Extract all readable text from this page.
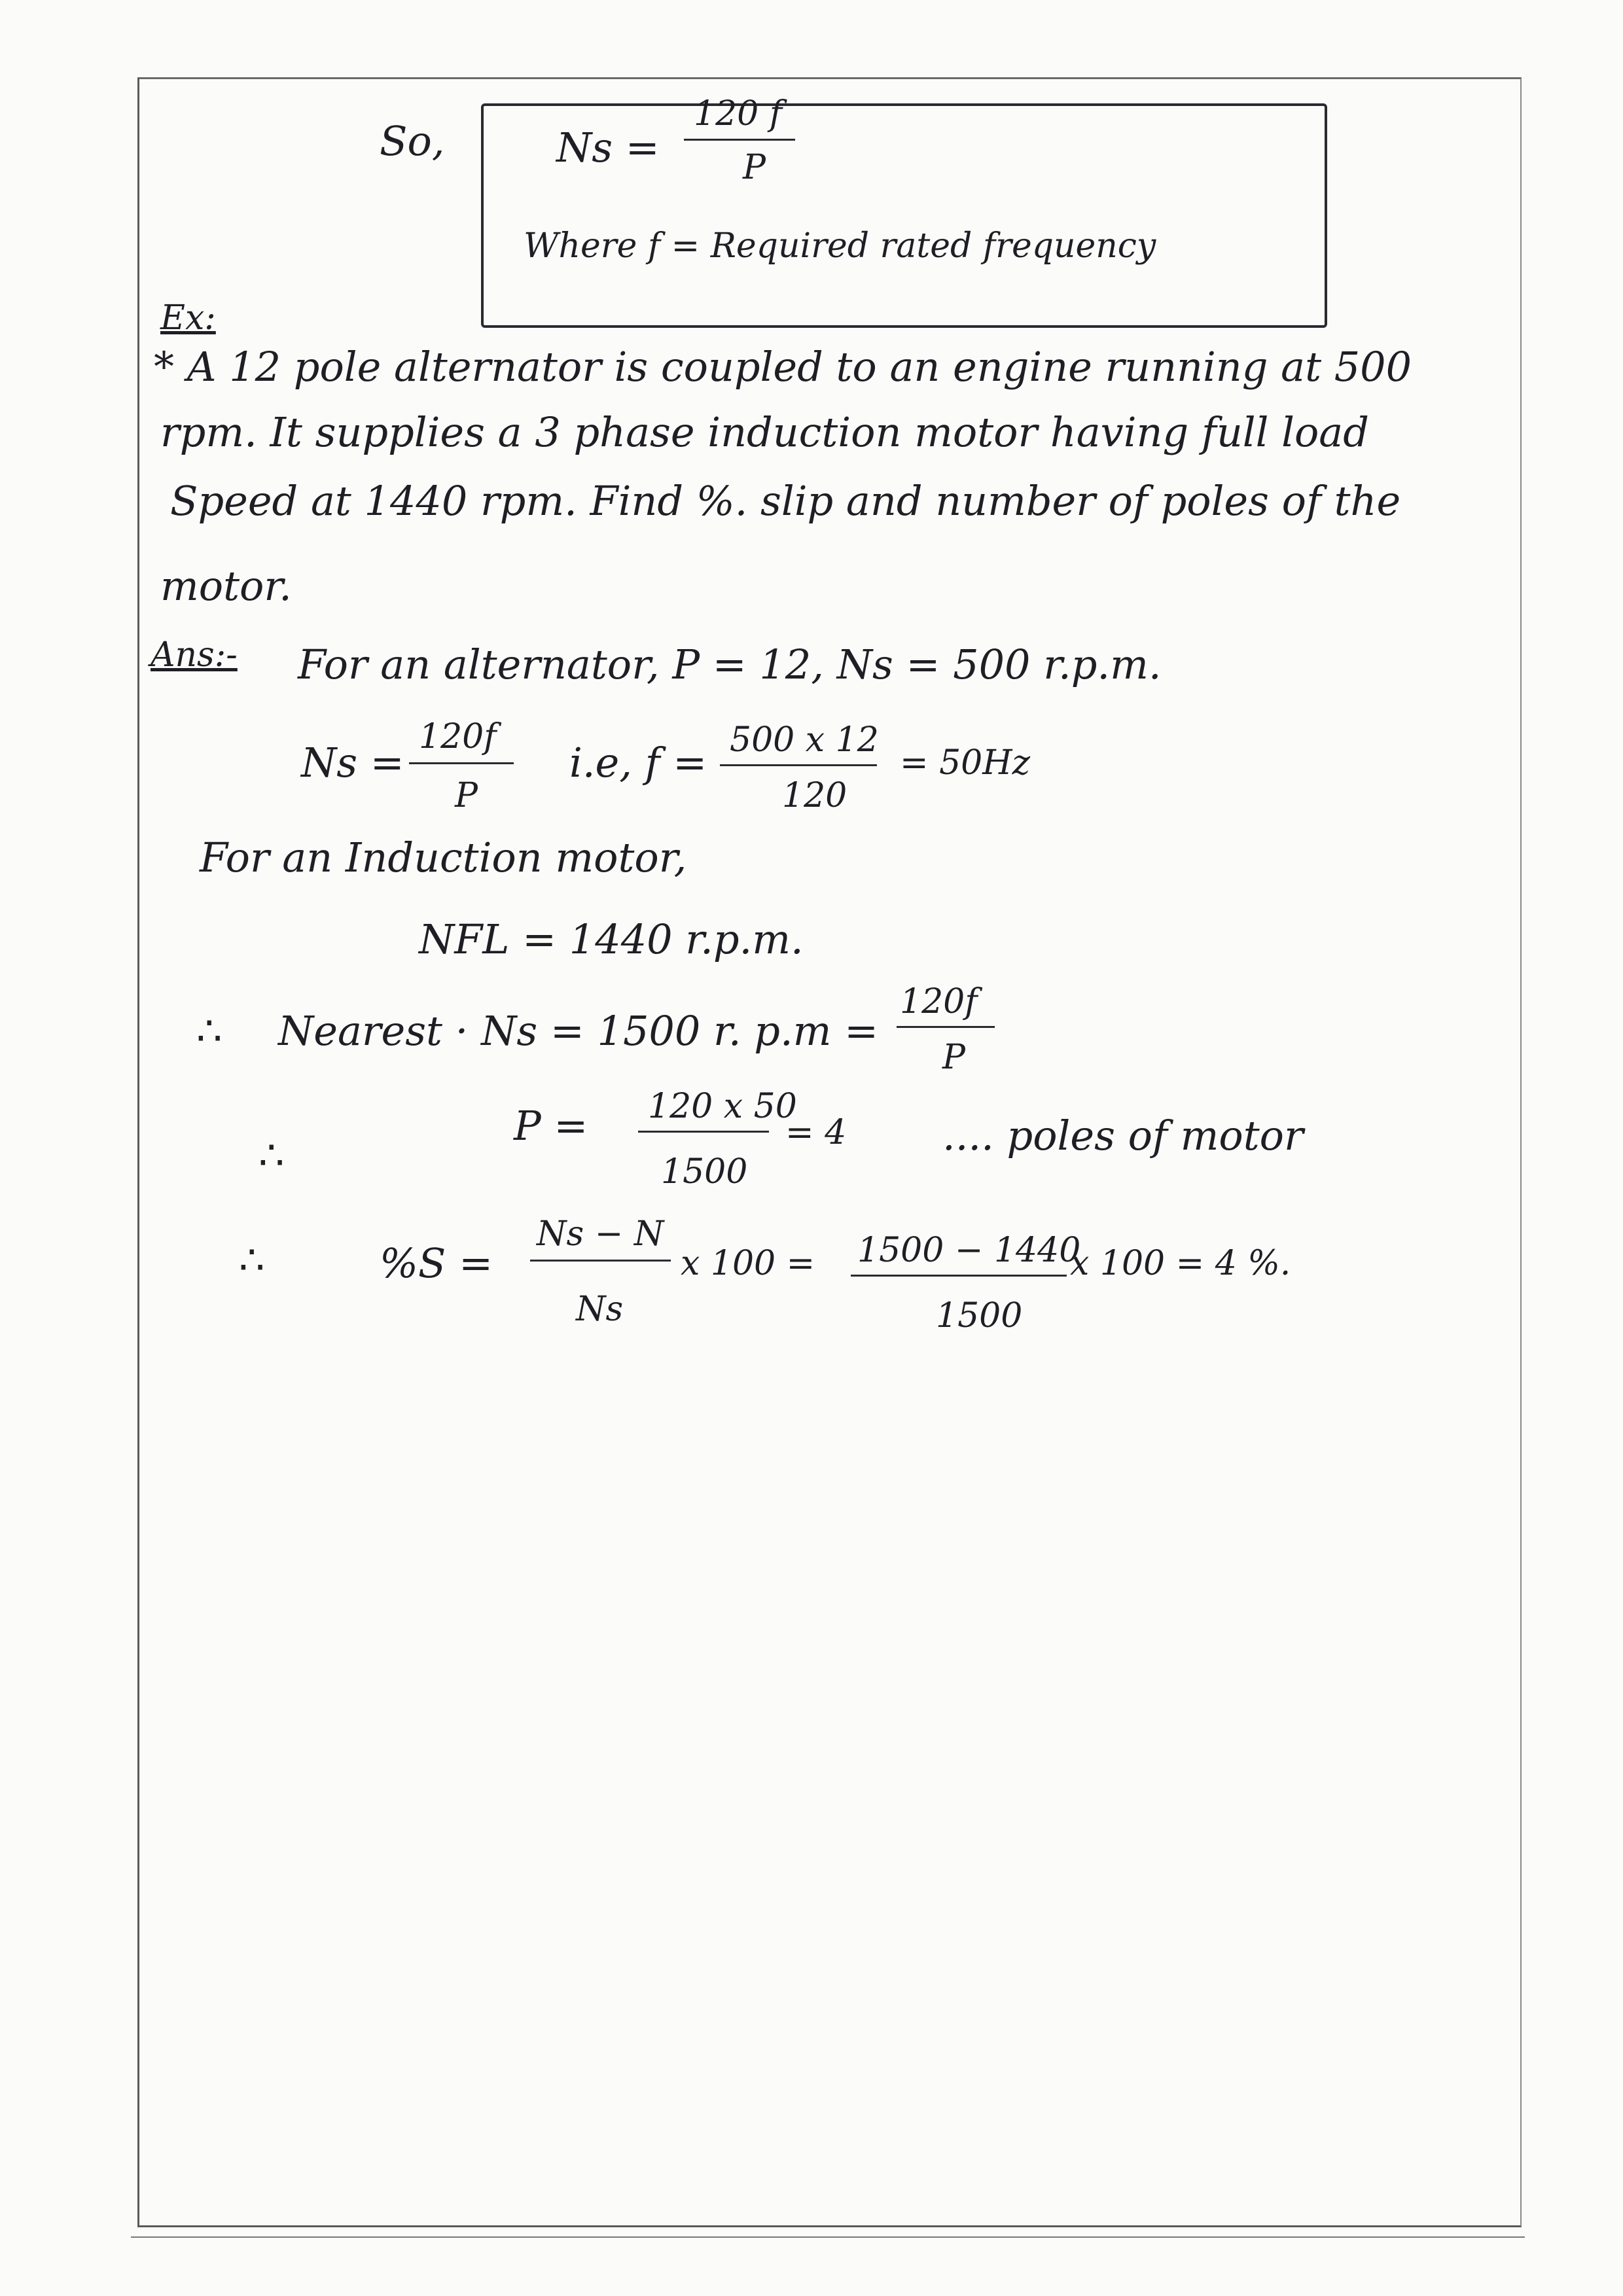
So,	Ns =
120 f
P
Where f = Required rated frequency
Ex:
* A 12 pole alternator is coupled to an engine running at 500
rpm. It supplies a 3 phase induction motor having full load
Speed at 1440 rpm. Find %. slip and number of poles of the
motor.
Ans:- For an alternator, P = 12, Ns = 500 r.p.m.
Ns =
120f
P
i.e, f = 500 x 12
120
= 50Hz
For an Induction motor,
NFL = 1440 r.p.m.
∴ Nearest · Ns = 1500 r. p.m =
120f
P
∴
P = 120 x 50
1500
= 4 .... poles of motor
∴	%S =
Ns − N
Ns
x 100 = 1500 − 1440
1500
x 100 = 4 %.
